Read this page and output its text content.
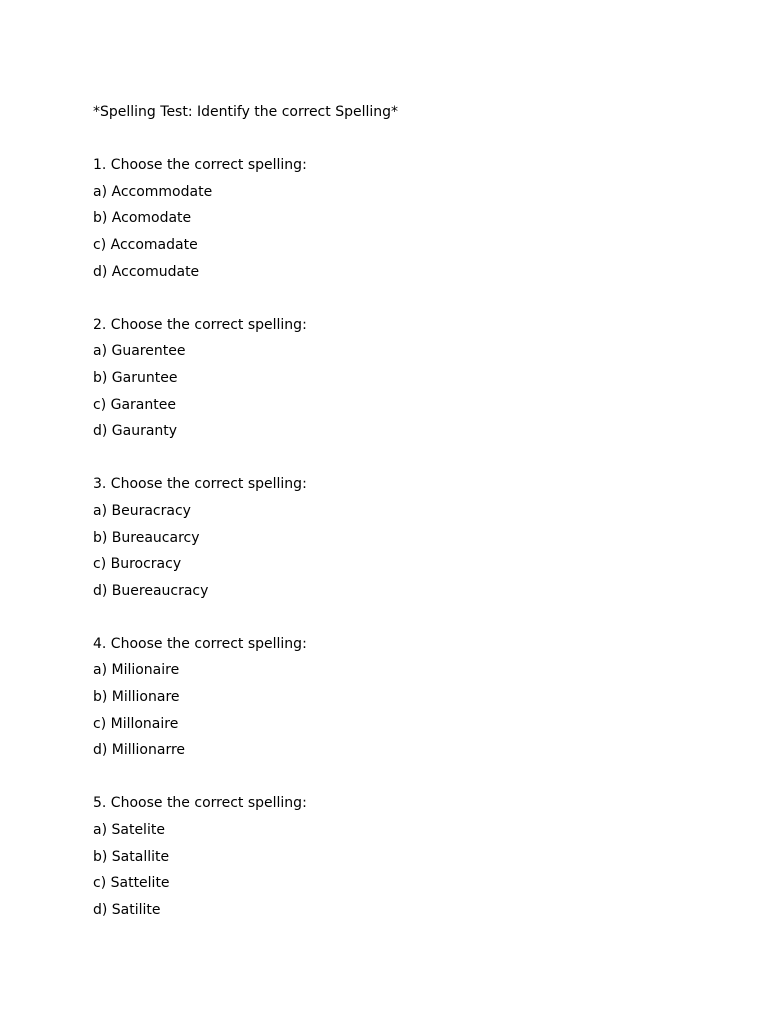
*Spelling Test: Identify the correct Spelling*
1. Choose the correct spelling:
a) Accommodate
b) Acomodate
c) Accomadate
d) Accomudate
2. Choose the correct spelling:
a) Guarentee
b) Garuntee
c) Garantee
d) Gauranty
3. Choose the correct spelling:
a) Beuracracy
b) Bureaucarcy
c) Burocracy
d) Buereaucracy
4. Choose the correct spelling:
a) Milionaire
b) Millionare
c) Millonaire
d) Millionarre
5. Choose the correct spelling:
a) Satelite
b) Satallite
c) Sattelite
d) Satilite
